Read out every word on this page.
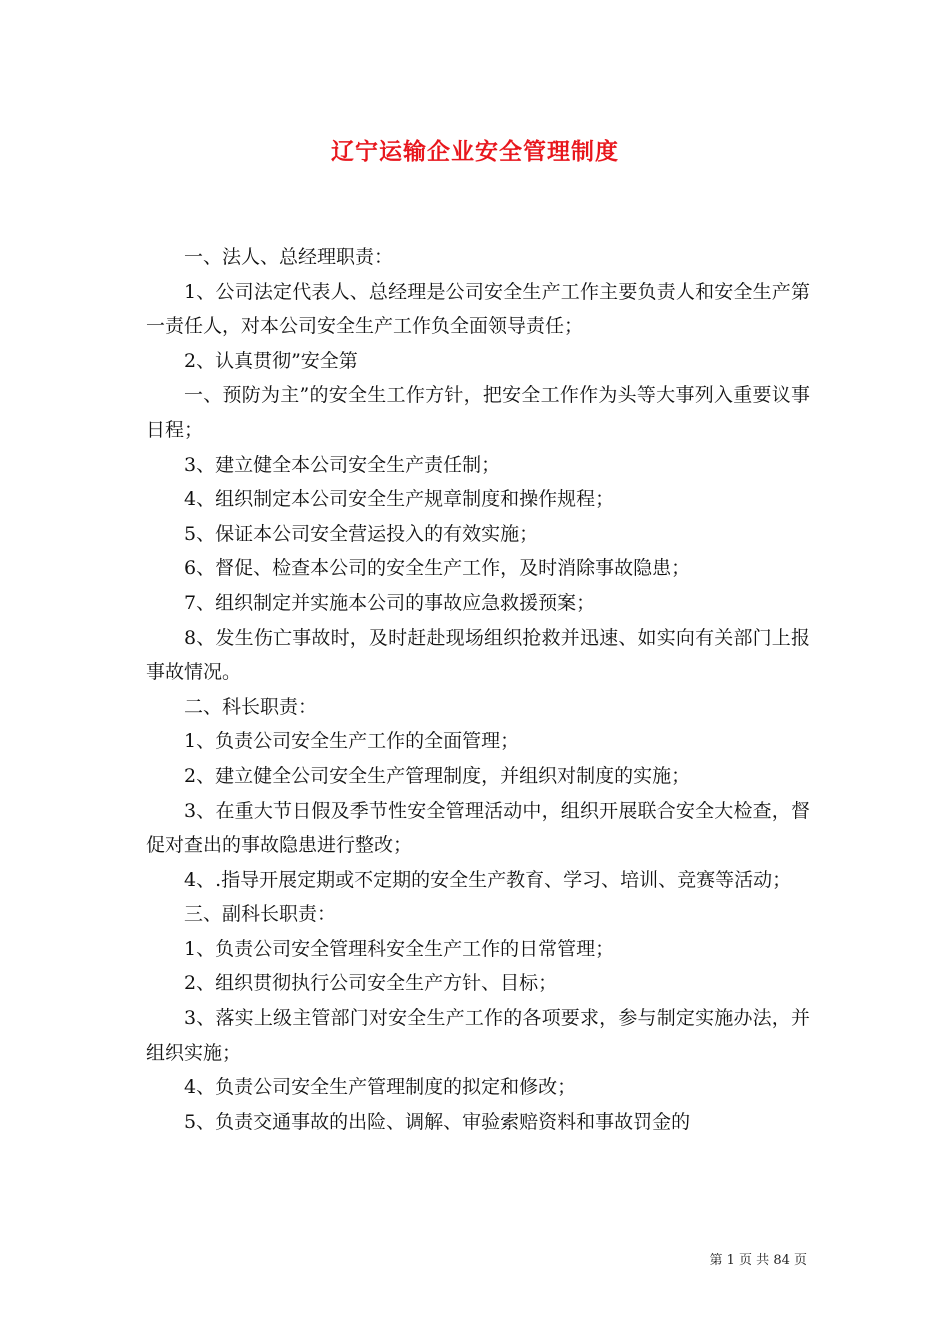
辽宁运输企业安全管理制度

一、法人、总经理职责：

1、公司法定代表人、总经理是公司安全生产工作主要负责人和安全生产第一责任人，对本公司安全生产工作负全面领导责任；

2、认真贯彻”安全第

一、预防为主”的安全生工作方针，把安全工作作为头等大事列入重要议事日程；

3、建立健全本公司安全生产责任制；

4、组织制定本公司安全生产规章制度和操作规程；

5、保证本公司安全营运投入的有效实施；

6、督促、检查本公司的安全生产工作，及时消除事故隐患；

7、组织制定并实施本公司的事故应急救援预案；

8、发生伤亡事故时，及时赶赴现场组织抢救并迅速、如实向有关部门上报事故情况。

二、科长职责：

1、负责公司安全生产工作的全面管理；

2、建立健全公司安全生产管理制度，并组织对制度的实施；

3、在重大节日假及季节性安全管理活动中，组织开展联合安全大检查，督促对查出的事故隐患进行整改；

4、.指导开展定期或不定期的安全生产教育、学习、培训、竞赛等活动；

三、副科长职责：

1、负责公司安全管理科安全生产工作的日常管理；

2、组织贯彻执行公司安全生产方针、目标；

3、落实上级主管部门对安全生产工作的各项要求，参与制定实施办法，并组织实施；

4、负责公司安全生产管理制度的拟定和修改；

5、负责交通事故的出险、调解、审验索赔资料和事故罚金的

第 1 页 共 84 页
